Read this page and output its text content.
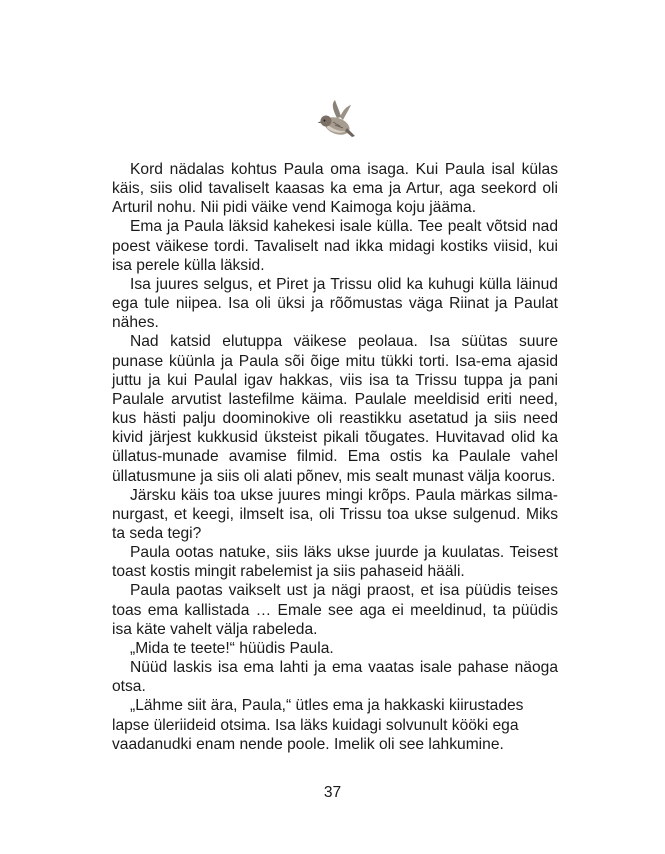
Kord nädalas kohtus Paula oma isaga. Kui Paula isal külas käis, siis olid tavaliselt kaasas ka ema ja Artur, aga seekord oli Arturil nohu. Nii pidi väike vend Kaimoga koju jääma.

Ema ja Paula läksid kahekesi isale külla. Tee pealt võtsid nad poest väikese tordi. Tavaliselt nad ikka midagi kostiks viisid, kui isa perele külla läksid.

Isa juures selgus, et Piret ja Trissu olid ka kuhugi külla läinud ega tule niipea. Isa oli üksi ja rõõmustas väga Riinat ja Paulat nähes.

Nad katsid elutuppa väikese peolaua. Isa süütas suure punase küünla ja Paula sõi õige mitu tükki torti. Isa-ema ajasid juttu ja kui Paulal igav hakkas, viis isa ta Trissu tuppa ja pani Paulale arvutist lastefilme käima. Paulale meeldisid eriti need, kus hästi palju doominokive oli reastikku asetatud ja siis need kivid järjest kukkusid üksteist pikali tõugates. Huvitavad olid ka üllatus-munade avamise filmid. Ema ostis ka Paulale vahel üllatusmune ja siis oli alati põnev, mis sealt munast välja koorus.

Järsku käis toa ukse juures mingi krõps. Paula märkas silma-nurgast, et keegi, ilmselt isa, oli Trissu toa ukse sulgenud. Miks ta seda tegi?

Paula ootas natuke, siis läks ukse juurde ja kuulatas. Teisest toast kostis mingit rabelemist ja siis pahaseid hääli.

Paula paotas vaikselt ust ja nägi praost, et isa püüdis teises toas ema kallistada … Emale see aga ei meeldinud, ta püüdis isa käte vahelt välja rabeleda.

„Mida te teete!“ hüüdis Paula.

Nüüd laskis isa ema lahti ja ema vaatas isale pahase näoga otsa.

„Lähme siit ära, Paula,“ ütles ema ja hakkaski kiirustades lapse üleriideid otsima. Isa läks kuidagi solvunult kööki ega vaadanudki enam nende poole. Imelik oli see lahkumine.

37
